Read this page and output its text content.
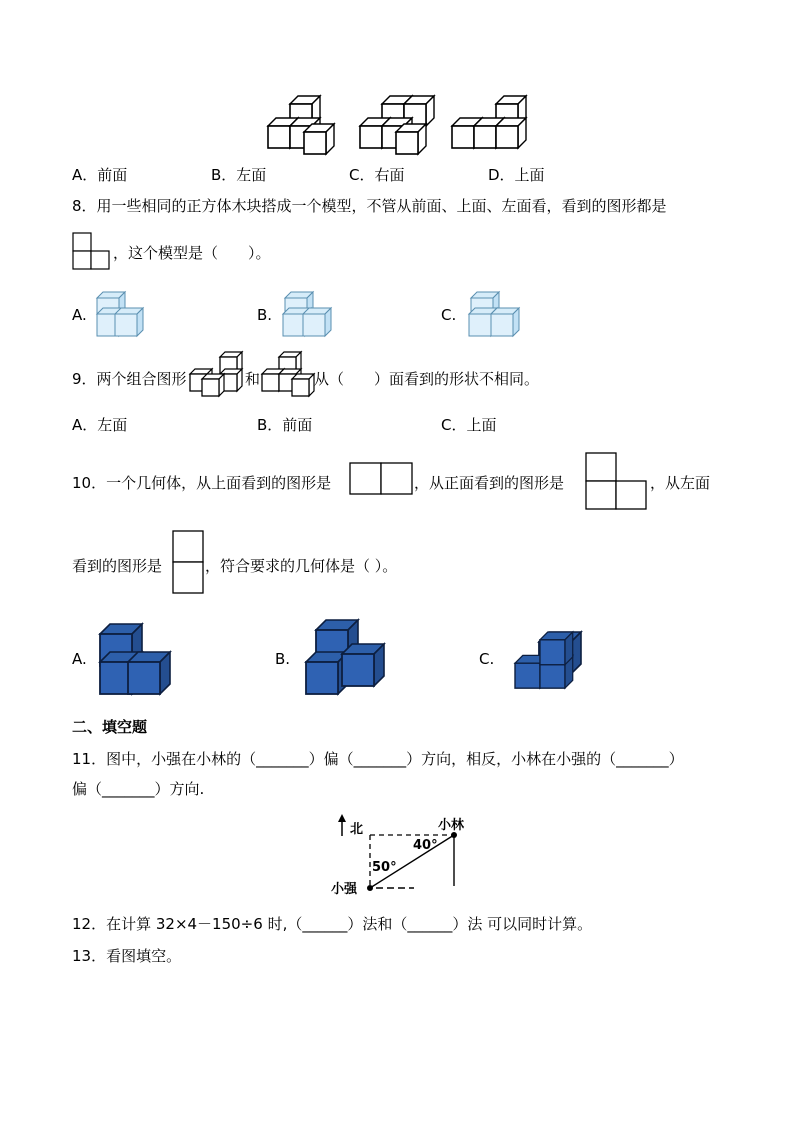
A．前面	B．左面	C．右面	D．上面
8．用一些相同的正方体木块搭成一个模型，不管从前面、上面、左面看，看到的图形都是
，这个模型是（　　）。
A.	B.	C.
9．两个组合图形	和	从（　　）面看到的形状不相同。
A．左面	B．前面	C．上面
10．一个几何体，从上面看到的图形是	，从正面看到的图形是	，从左面
看到的图形是	，符合要求的几何体是（ ）。
A.	B.	C.
二、填空题
11．图中，小强在小林的（_______）偏（_______）方向，相反，小林在小强的（_______）
偏（_______）方向.
北	小林
40°
50°
小强
12．在计算 32×4－150÷6 时,（______）法和（______）法 可以同时计算。
13．看图填空。
